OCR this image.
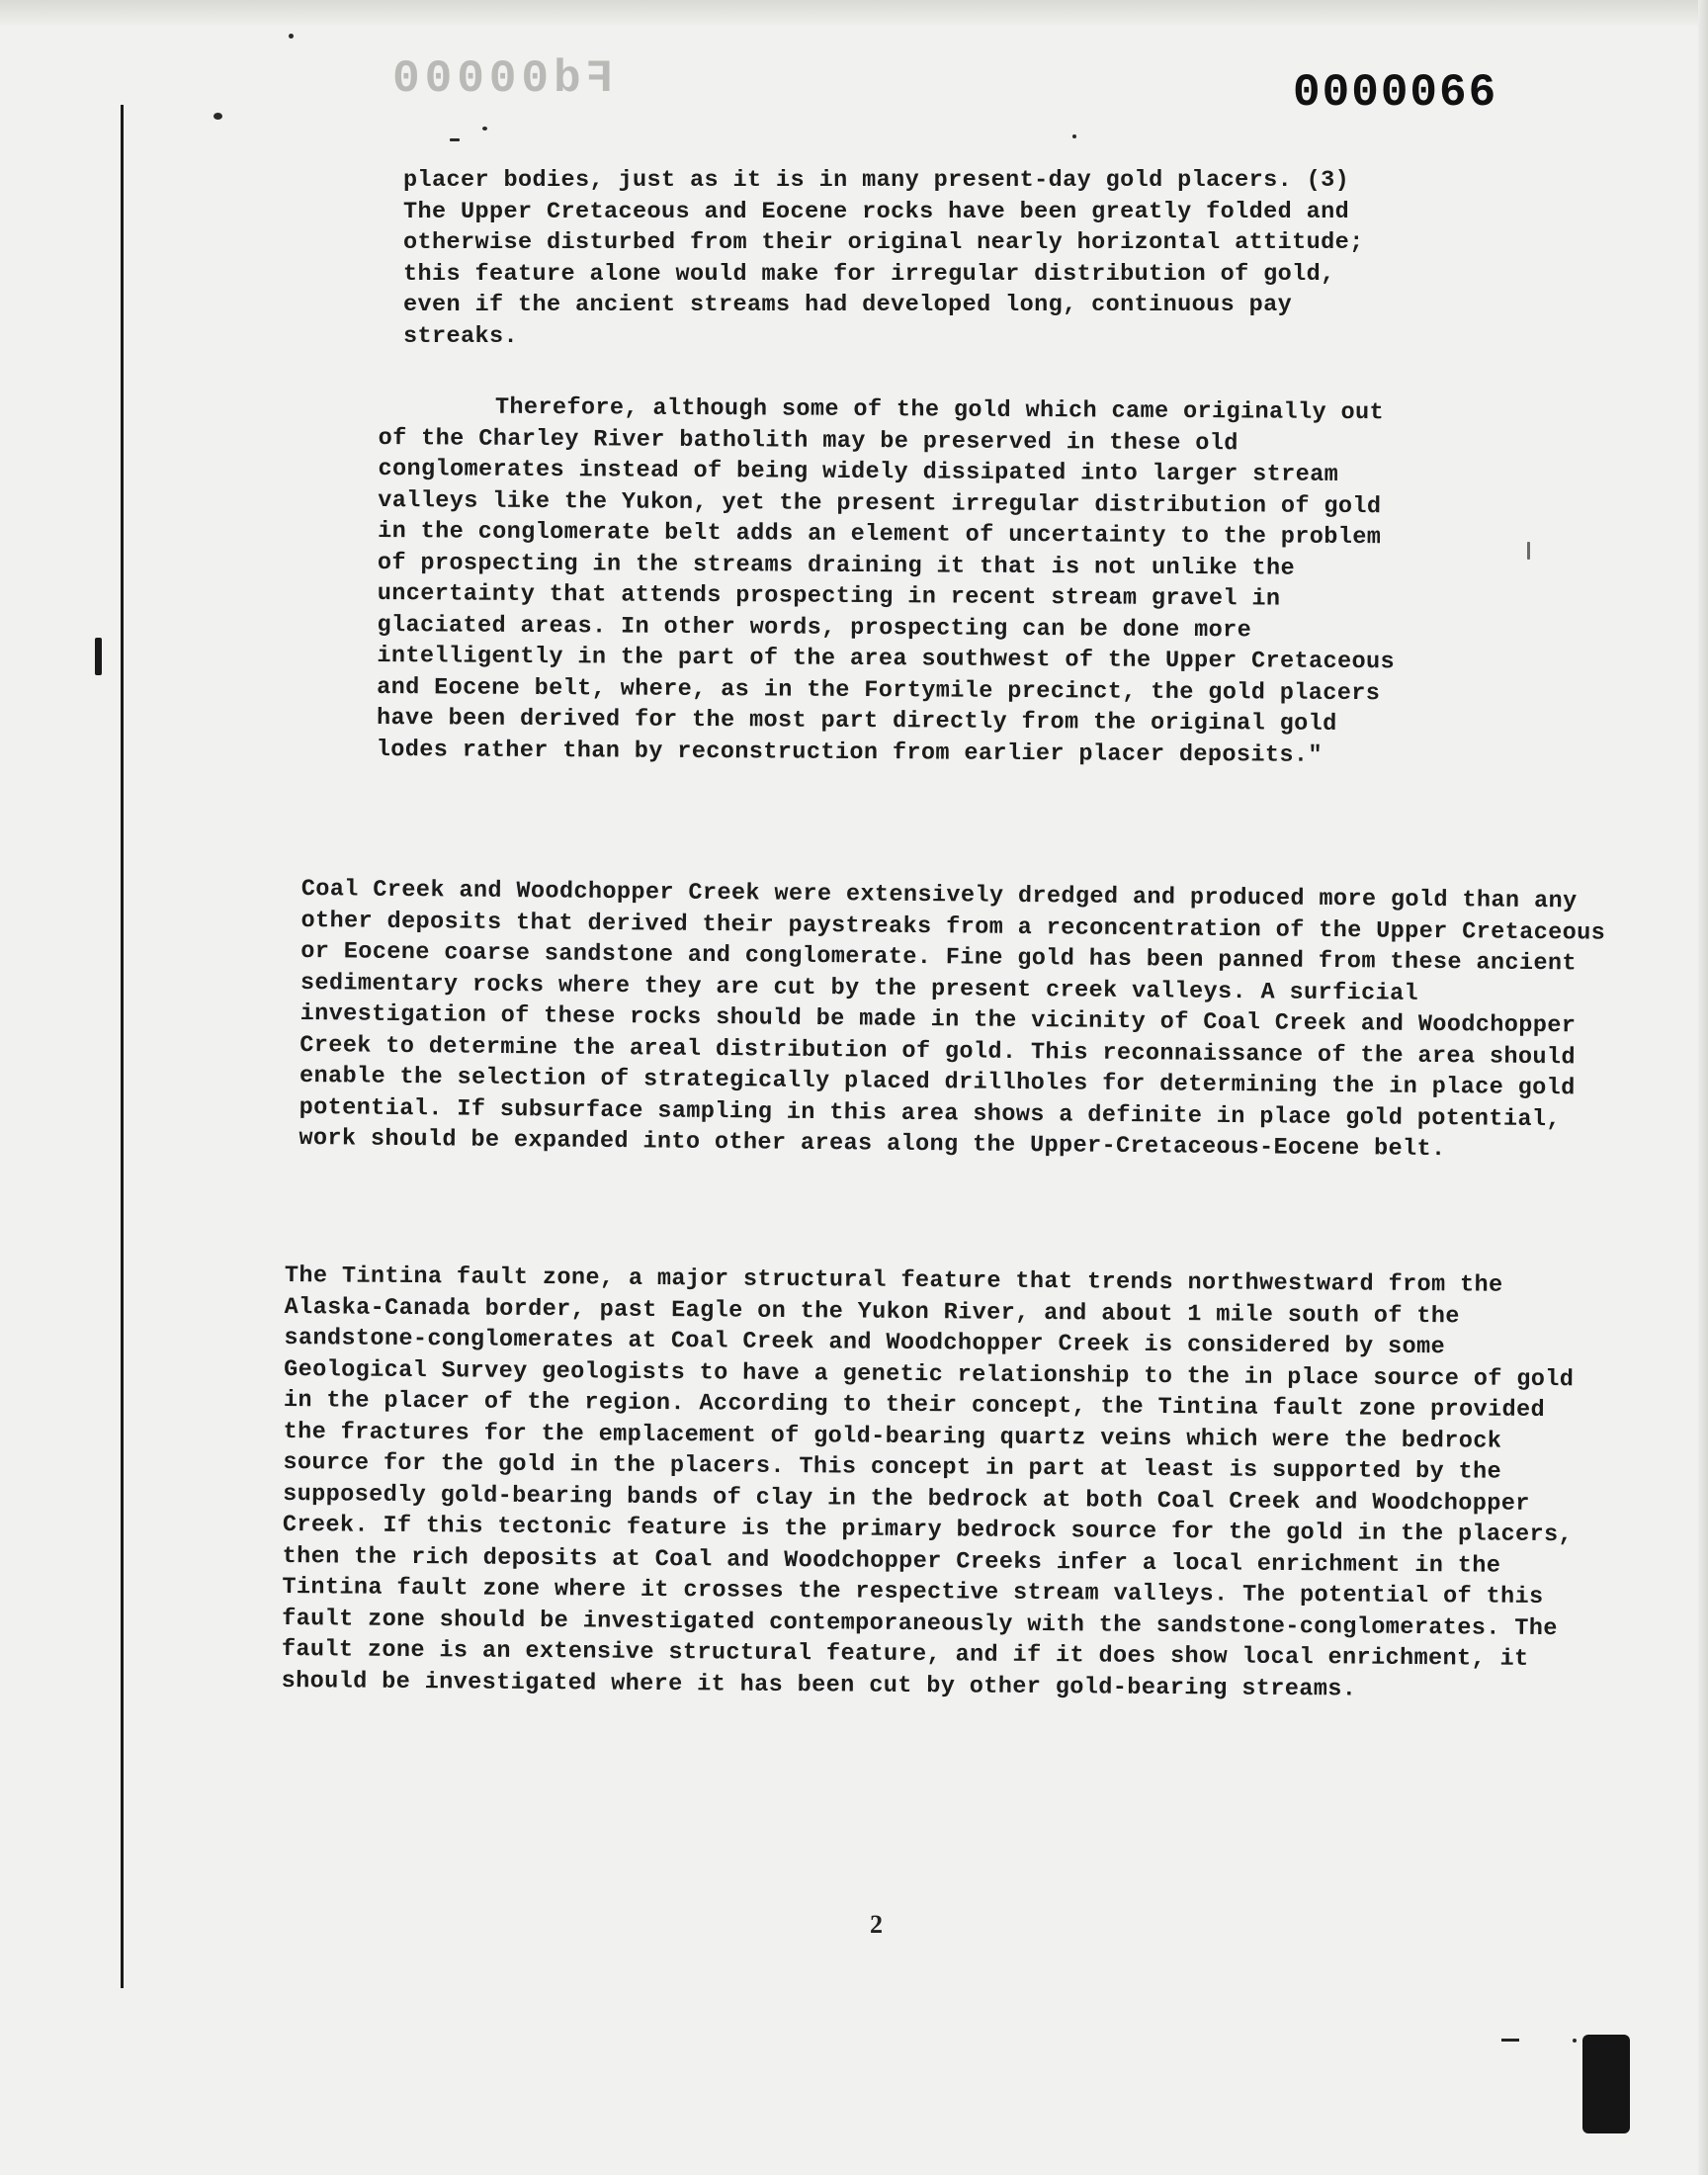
Fd00000	0000066

placer bodies, just as it is in many present-day gold placers. (3) The Upper Cretaceous and Eocene rocks have been greatly folded and otherwise disturbed from their original nearly horizontal attitude; this feature alone would make for irregular distribution of gold, even if the ancient streams had developed long, continuous pay streaks.

Therefore, although some of the gold which came originally out of the Charley River batholith may be preserved in these old conglomerates instead of being widely dissipated into larger stream valleys like the Yukon, yet the present irregular distribution of gold in the conglomerate belt adds an element of uncertainty to the problem of prospecting in the streams draining it that is not unlike the uncertainty that attends prospecting in recent stream gravel in glaciated areas. In other words, prospecting can be done more intelligently in the part of the area southwest of the Upper Cretaceous and Eocene belt, where, as in the Fortymile precinct, the gold placers have been derived for the most part directly from the original gold lodes rather than by reconstruction from earlier placer deposits."

Coal Creek and Woodchopper Creek were extensively dredged and produced more gold than any other deposits that derived their paystreaks from a reconcentration of the Upper Cretaceous or Eocene coarse sandstone and conglomerate. Fine gold has been panned from these ancient sedimentary rocks where they are cut by the present creek valleys. A surficial investigation of these rocks should be made in the vicinity of Coal Creek and Woodchopper Creek to determine the areal distribution of gold. This reconnaissance of the area should enable the selection of strategically placed drillholes for determining the in place gold potential. If subsurface sampling in this area shows a definite in place gold potential, work should be expanded into other areas along the Upper-Cretaceous-Eocene belt.

The Tintina fault zone, a major structural feature that trends northwestward from the Alaska-Canada border, past Eagle on the Yukon River, and about 1 mile south of the sandstone-conglomerates at Coal Creek and Woodchopper Creek is considered by some Geological Survey geologists to have a genetic relationship to the in place source of gold in the placer of the region. According to their concept, the Tintina fault zone provided the fractures for the emplacement of gold-bearing quartz veins which were the bedrock source for the gold in the placers. This concept in part at least is supported by the supposedly gold-bearing bands of clay in the bedrock at both Coal Creek and Woodchopper Creek. If this tectonic feature is the primary bedrock source for the gold in the placers, then the rich deposits at Coal and Woodchopper Creeks infer a local enrichment in the Tintina fault zone where it crosses the respective stream valleys. The potential of this fault zone should be investigated contemporaneously with the sandstone-conglomerates. The fault zone is an extensive structural feature, and if it does show local enrichment, it should be investigated where it has been cut by other gold-bearing streams.

2
